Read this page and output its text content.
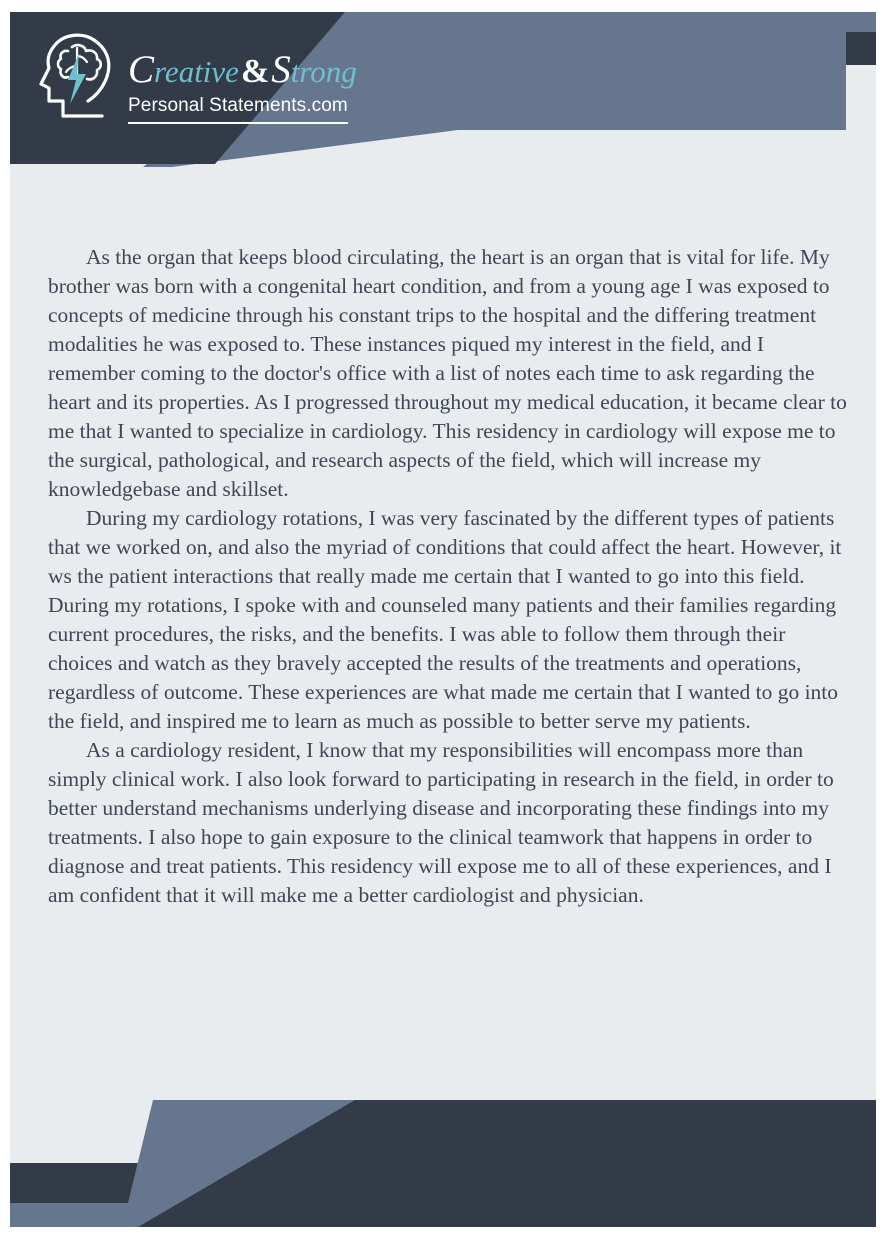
Creative&Strong
Personal Statements.com

As the organ that keeps blood circulating, the heart is an organ that is vital for life. My brother was born with a congenital heart condition, and from a young age I was exposed to concepts of medicine through his constant trips to the hospital and the differing treatment modalities he was exposed to. These instances piqued my interest in the field, and I remember coming to the doctor's office with a list of notes each time to ask regarding the heart and its properties. As I progressed throughout my medical education, it became clear to me that I wanted to specialize in cardiology. This residency in cardiology will expose me to the surgical, pathological, and research aspects of the field, which will increase my knowledgebase and skillset.

During my cardiology rotations, I was very fascinated by the different types of patients that we worked on, and also the myriad of conditions that could affect the heart. However, it ws the patient interactions that really made me certain that I wanted to go into this field. During my rotations, I spoke with and counseled many patients and their families regarding current procedures, the risks, and the benefits. I was able to follow them through their choices and watch as they bravely accepted the results of the treatments and operations, regardless of outcome. These experiences are what made me certain that I wanted to go into the field, and inspired me to learn as much as possible to better serve my patients.

As a cardiology resident, I know that my responsibilities will encompass more than simply clinical work. I also look forward to participating in research in the field, in order to better understand mechanisms underlying disease and incorporating these findings into my treatments. I also hope to gain exposure to the clinical teamwork that happens in order to diagnose and treat patients. This residency will expose me to all of these experiences, and I am confident that it will make me a better cardiologist and physician.
